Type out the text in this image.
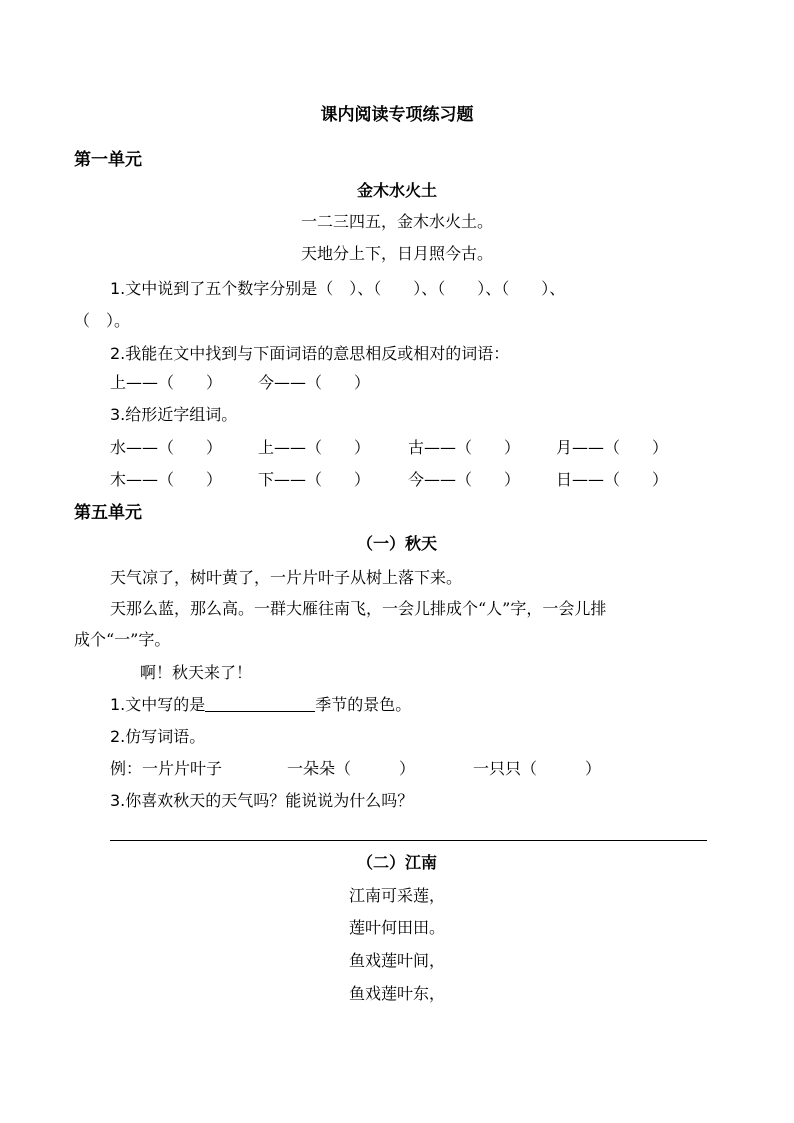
课内阅读专项练习题
第一单元
金木水火土
一二三四五，金木水火土。
天地分上下，日月照今古。
1.文中说到了五个数字分别是（　）、（　　）、（　　）、（　　）、
（　）。
2.我能在文中找到与下面词语的意思相反或相对的词语：
上——（　　） 今——（　　）
3.给形近字组词。
水——（　　） 上——（　　） 古——（　　） 月——（　　）
木——（　　） 下——（　　） 今——（　　） 日——（　　）
第五单元
（一）秋天
天气凉了，树叶黄了，一片片叶子从树上落下来。
天那么蓝，那么高。一群大雁往南飞，一会儿排成个“人”字，一会儿排
成个“一”字。
啊！秋天来了！
1.文中写的是	季节的景色。
2.仿写词语。
例：一片片叶子	一朵朵（　　　）	一只只（　　　）
3.你喜欢秋天的天气吗？能说说为什么吗？
（二）江南
江南可采莲，
莲叶何田田。
鱼戏莲叶间，
鱼戏莲叶东，
